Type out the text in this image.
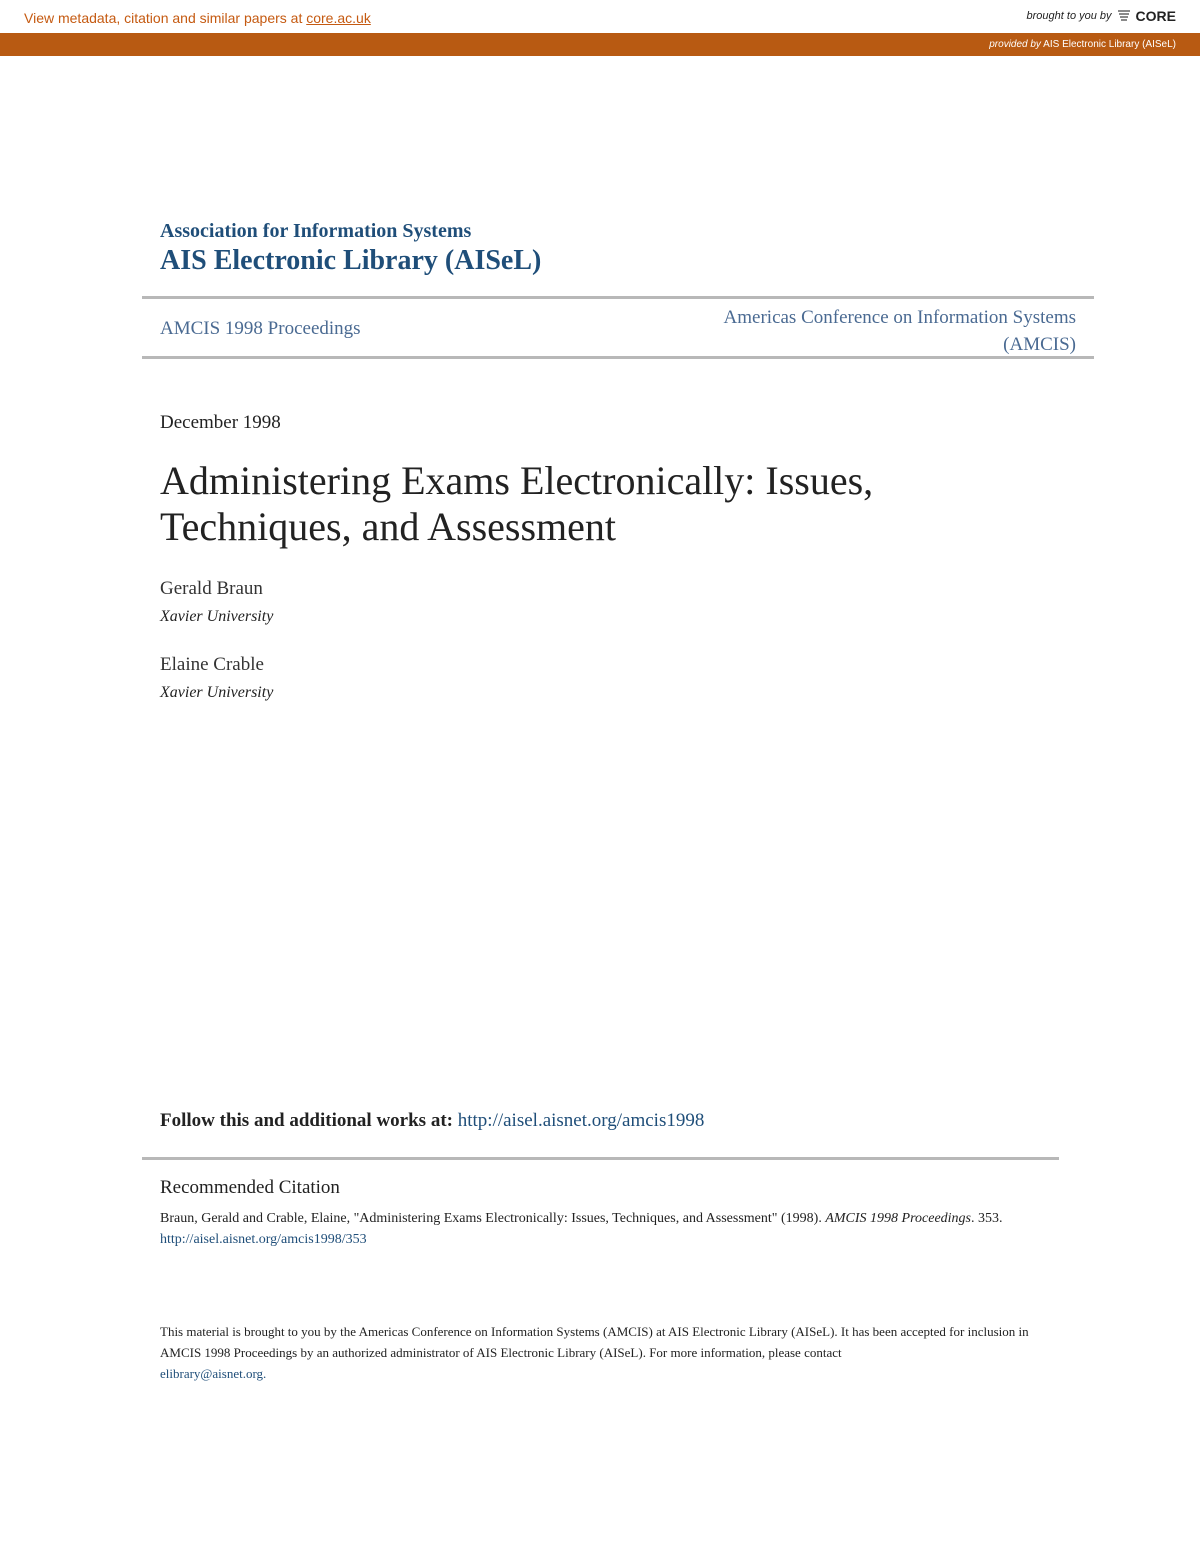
View metadata, citation and similar papers at core.ac.uk	brought to you by CORE
provided by AIS Electronic Library (AISeL)
Association for Information Systems
AIS Electronic Library (AISeL)
AMCIS 1998 Proceedings
Americas Conference on Information Systems
(AMCIS)
December 1998
Administering Exams Electronically: Issues,
Techniques, and Assessment
Gerald Braun
Xavier University
Elaine Crable
Xavier University
Follow this and additional works at: http://aisel.aisnet.org/amcis1998
Recommended Citation
Braun, Gerald and Crable, Elaine, "Administering Exams Electronically: Issues, Techniques, and Assessment" (1998). AMCIS 1998 Proceedings. 353.
http://aisel.aisnet.org/amcis1998/353
This material is brought to you by the Americas Conference on Information Systems (AMCIS) at AIS Electronic Library (AISeL). It has been accepted for inclusion in AMCIS 1998 Proceedings by an authorized administrator of AIS Electronic Library (AISeL). For more information, please contact
elibrary@aisnet.org.
